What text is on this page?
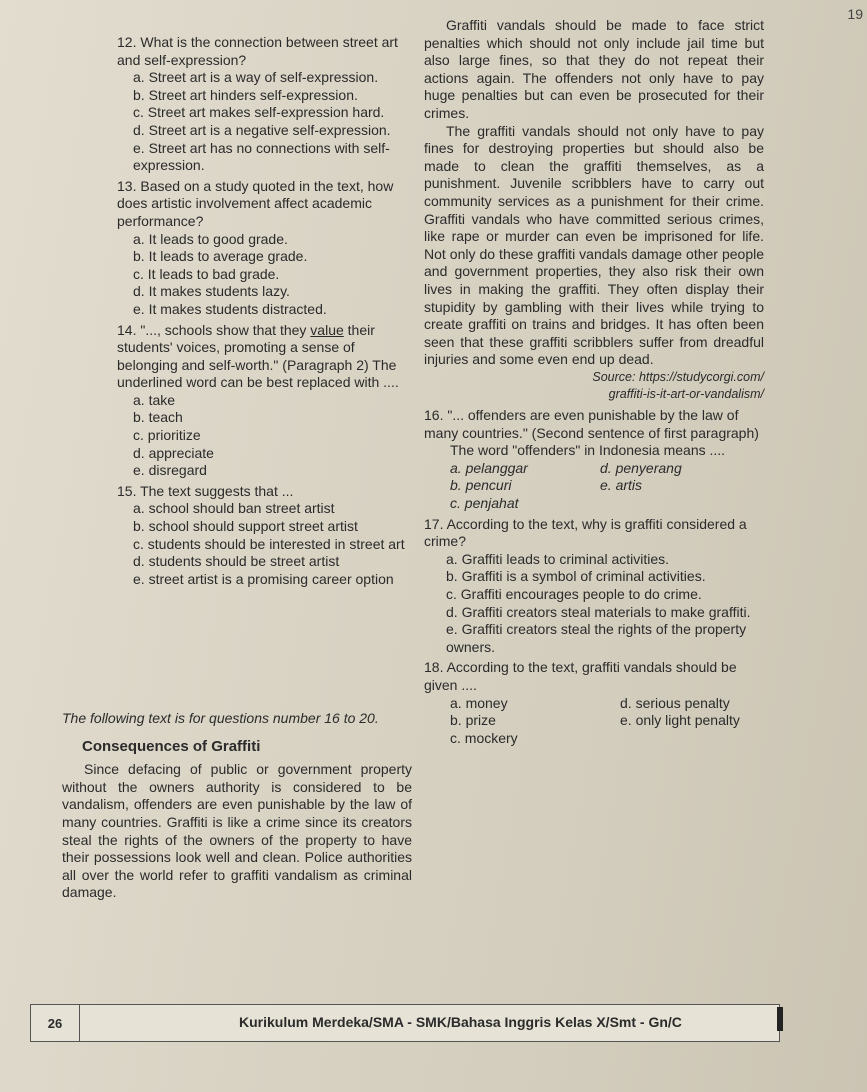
19

12. What is the connection between street art and self-expression?

a. Street art is a way of self-expression.

b. Street art hinders self-expression.

c. Street art makes self-expression hard.

d. Street art is a negative self-expression.

e. Street art has no connections with self-expression.

13. Based on a study quoted in the text, how does artistic involvement affect academic performance?

a. It leads to good grade.

b. It leads to average grade.

c. It leads to bad grade.

d. It makes students lazy.

e. It makes students distracted.

14. "..., schools show that they value their students' voices, promoting a sense of belonging and self-worth." (Paragraph 2) The underlined word can be best replaced with ....

a. take

b. teach

c. prioritize

d. appreciate

e. disregard

15. The text suggests that ...

a. school should ban street artist

b. school should support street artist

c. students should be interested in street art

d. students should be street artist

e. street artist is a promising career option

The following text is for questions number 16 to 20.

Consequences of Graffiti

Since defacing of public or government property without the owners authority is considered to be vandalism, offenders are even punishable by the law of many countries. Graffiti is like a crime since its creators steal the rights of the owners of the property to have their possessions look well and clean. Police authorities all over the world refer to graffiti vandalism as criminal damage.

Graffiti vandals should be made to face strict penalties which should not only include jail time but also large fines, so that they do not repeat their actions again. The offenders not only have to pay huge penalties but can even be prosecuted for their crimes.

The graffiti vandals should not only have to pay fines for destroying properties but should also be made to clean the graffiti themselves, as a punishment. Juvenile scribblers have to carry out community services as a punishment for their crime. Graffiti vandals who have committed serious crimes, like rape or murder can even be imprisoned for life. Not only do these graffiti vandals damage other people and government properties, they also risk their own lives in making the graffiti. They often display their stupidity by gambling with their lives while trying to create graffiti on trains and bridges. It has often been seen that these graffiti scribblers suffer from dreadful injuries and some even end up dead.

Source: https://studycorgi.com/

graffiti-is-it-art-or-vandalism/

16. "... offenders are even punishable by the law of many countries." (Second sentence of first paragraph)

The word "offenders" in Indonesia means ....

a. pelanggar	d. penyerang
b. pencuri	e. artis
c. penjahat

17. According to the text, why is graffiti considered a crime?

a. Graffiti leads to criminal activities.

b. Graffiti is a symbol of criminal activities.

c. Graffiti encourages people to do crime.

d. Graffiti creators steal materials to make graffiti.

e. Graffiti creators steal the rights of the property owners.

18. According to the text, graffiti vandals should be given ....

a. money	d. serious penalty
b. prize	e. only light penalty
c. mockery
26	Kurikulum Merdeka/SMA - SMK/Bahasa Inggris Kelas X/Smt - Gn/C
